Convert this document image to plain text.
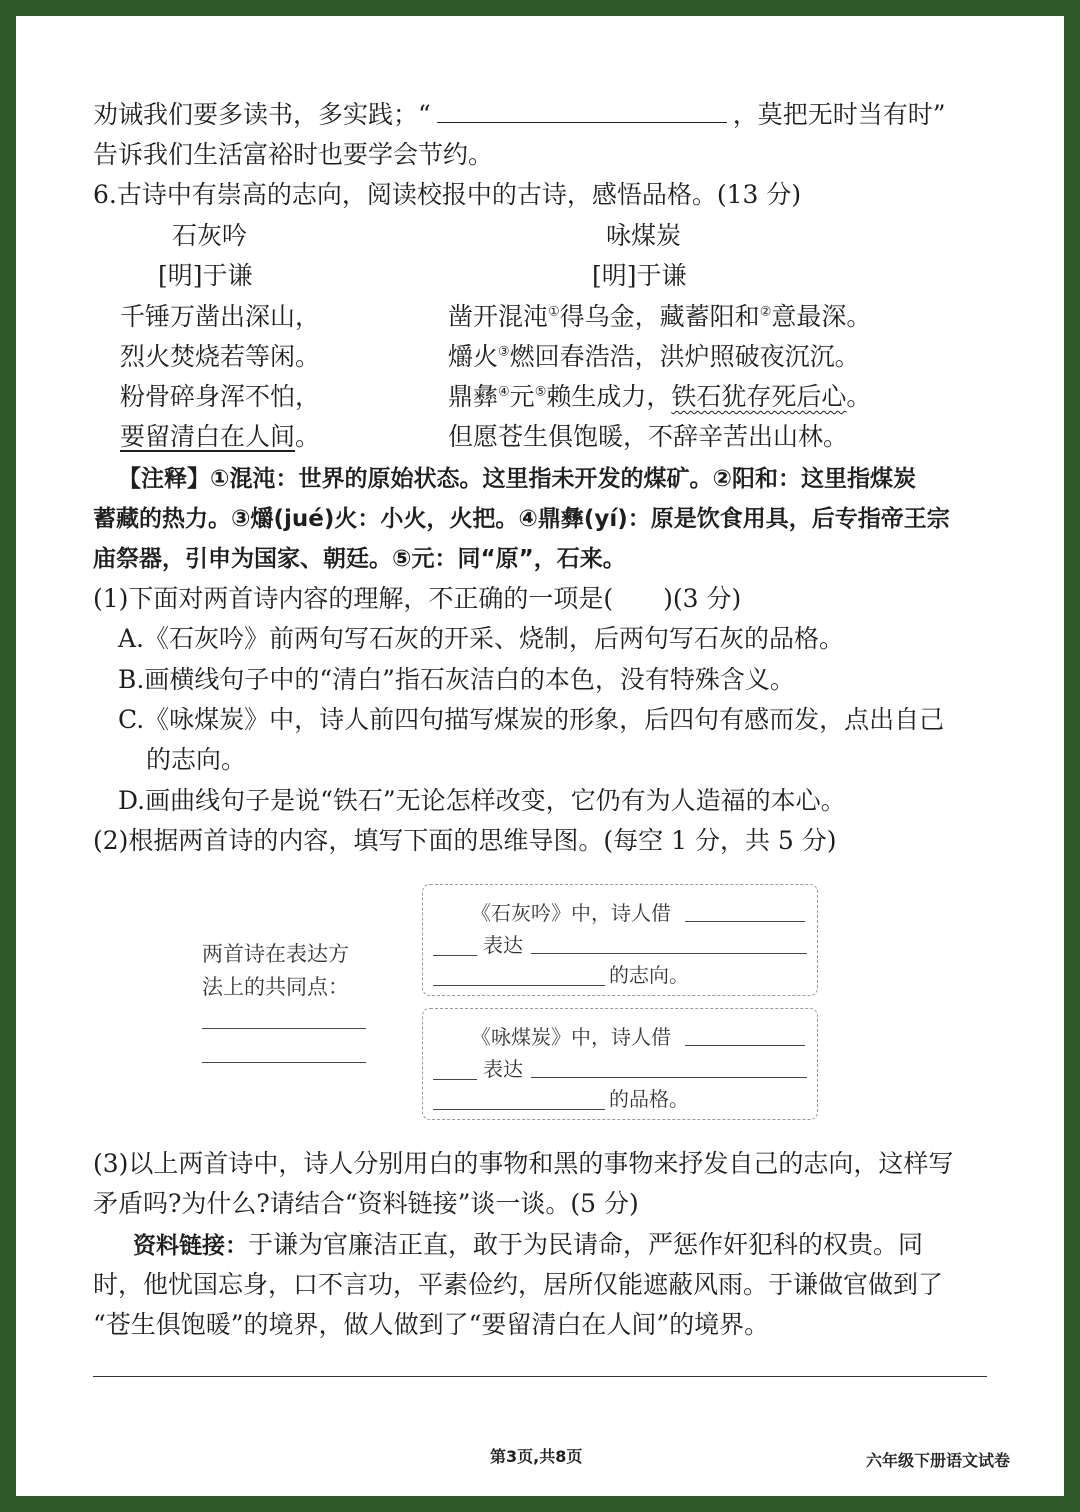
劝诫我们要多读书，多实践；“	，莫把无时当有时”
告诉我们生活富裕时也要学会节约。
6.古诗中有崇高的志向，阅读校报中的古诗，感悟品格。(13 分)
石灰吟
[明]于谦
千锤万凿出深山，
烈火焚烧若等闲。
粉骨碎身浑不怕，
要留清白在人间。
咏煤炭
[明]于谦
凿开混沌①得乌金，藏蓄阳和②意最深。
爝火③燃回春浩浩，洪炉照破夜沉沉。
鼎彝④元⑤赖生成力，铁石犹存死后心。
但愿苍生俱饱暖，不辞辛苦出山林。
【注释】①混沌：世界的原始状态。这里指未开发的煤矿。②阳和：这里指煤炭
蓄藏的热力。③爝(jué)火：小火，火把。④鼎彝(yí)：原是饮食用具，后专指帝王宗
庙祭器，引申为国家、朝廷。⑤元：同“原”，石来。
(1)下面对两首诗内容的理解，不正确的一项是(　　)(3 分)
A.《石灰吟》前两句写石灰的开采、烧制，后两句写石灰的品格。
B.画横线句子中的“清白”指石灰洁白的本色，没有特殊含义。
C.《咏煤炭》中，诗人前四句描写煤炭的形象，后四句有感而发，点出自己
的志向。
D.画曲线句子是说“铁石”无论怎样改变，它仍有为人造福的本心。
(2)根据两首诗的内容，填写下面的思维导图。(每空 1 分，共 5 分)
两首诗在表达方
法上的共同点：
《石灰吟》中，诗人借
表达
的志向。
《咏煤炭》中，诗人借
表达
的品格。
(3)以上两首诗中，诗人分别用白的事物和黑的事物来抒发自己的志向，这样写
矛盾吗?为什么?请结合“资料链接”谈一谈。(5 分)
资料链接：于谦为官廉洁正直，敢于为民请命，严惩作奸犯科的权贵。同
时，他忧国忘身，口不言功，平素俭约，居所仅能遮蔽风雨。于谦做官做到了
“苍生俱饱暖”的境界，做人做到了“要留清白在人间”的境界。
第3页,共8页	六年级下册语文试卷
